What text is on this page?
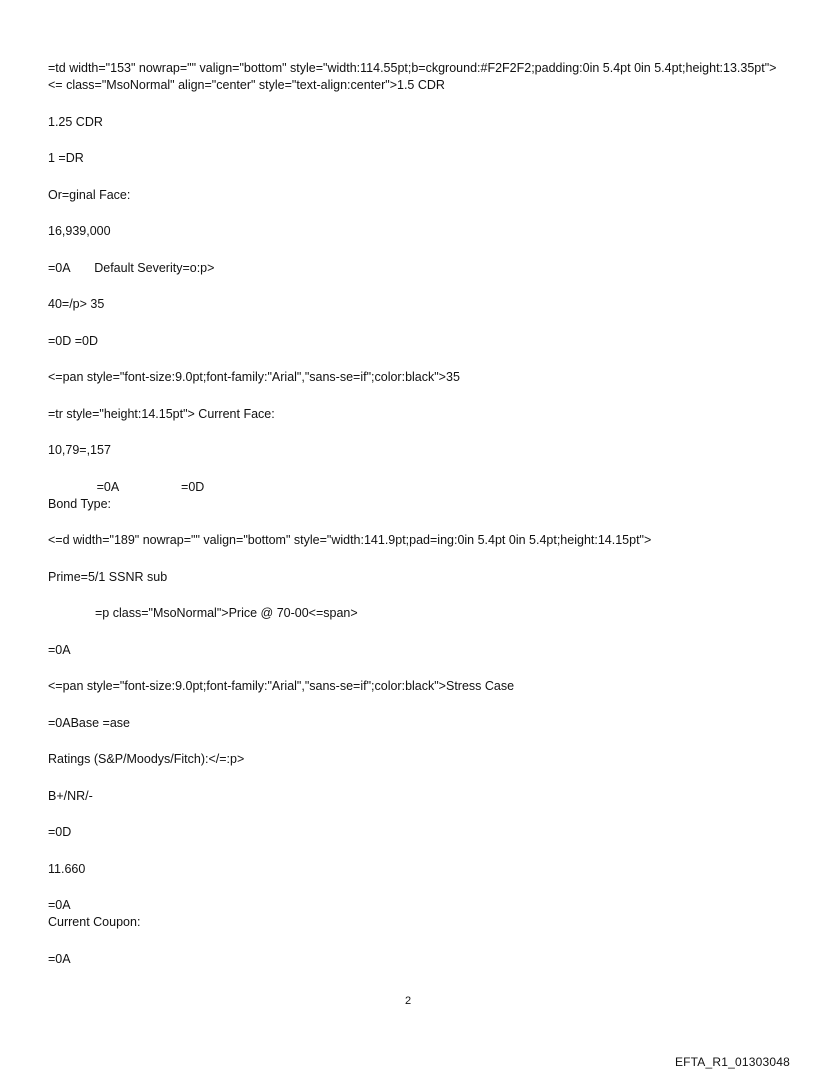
=td width="153" nowrap="" valign="bottom" style="width:114.55pt;b=ckground:#F2F2F2;padding:0in 5.4pt 0in 5.4pt;height:13.35pt"> <= class="MsoNormal" align="center" style="text-align:center">1.5 CDR

1.25 CDR

1 =DR

Or=ginal Face:

16,939,000

=0A       Default Severity=o:p>

40=/p> 35

=0D =0D

<=pan style="font-size:9.0pt;font-family:"Arial","sans-se=if";color:black">35

=tr style="height:14.15pt"> Current Face:

10,79=,157

=0A                  =0D
Bond Type:

<=d width="189" nowrap="" valign="bottom" style="width:141.9pt;pad=ing:0in 5.4pt 0in 5.4pt;height:14.15pt">

Prime=5/1 SSNR sub

=p class="MsoNormal">Price @ 70-00<=span>

=0A

<=pan style="font-size:9.0pt;font-family:"Arial","sans-se=if";color:black">Stress Case

=0ABase =ase

Ratings (S&P/Moodys/Fitch):</=:p>

B+/NR/-

=0D

11.660

=0A
Current Coupon:

=0A

2
EFTA_R1_01303048
